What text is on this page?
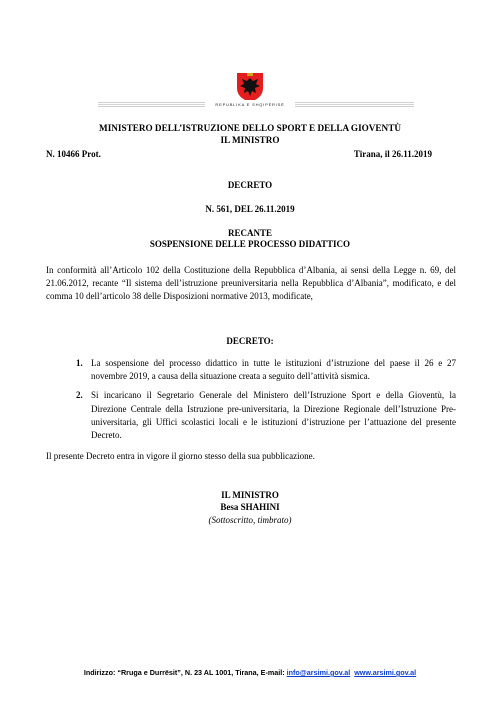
REPUBLIKA E SHQIPËRISË
MINISTERO DELL’ISTRUZIONE DELLO SPORT E DELLA GIOVENTÙ
IL MINISTRO
N. 10466 Prot.	Tirana, il 26.11.2019
DECRETO
N. 561, DEL 26.11.2019
RECANTE
SOSPENSIONE DELLE PROCESSO DIDATTICO

In conformità all’Articolo 102 della Costituzione della Repubblica d’Albania, ai sensi della Legge n. 69, del 21.06.2012, recante “Il sistema dell’istruzione preuniversitaria nella Repubblica d’Albania”, modificato, e del comma 10 dell’articolo 38 delle Disposizioni normative 2013, modificate,

DECRETO:
1. La sospensione del processo didattico in tutte le istituzioni d’istruzione del paese il 26 e 27 novembre 2019, a causa della situazione creata a seguito dell’attività sismica.
2. Si incaricano il Segretario Generale del Ministero dell’Istruzione Sport e della Gioventù, la Direzione Centrale della Istruzione pre-universitaria, la Direzione Regionale dell’Istruzione Pre-universitaria, gli Uffici scolastici locali e le istituzioni d’istruzione per l’attuazione del presente Decreto.

Il presente Decreto entra in vigore il giorno stesso della sua pubblicazione.

IL MINISTRO
Besa SHAHINI
(Sottoscritto, timbrato)
Indirizzo: “Rruga e Durrësit”, N. 23 AL 1001, Tirana, E-mail: info@arsimi.gov.al www.arsimi.gov.al
